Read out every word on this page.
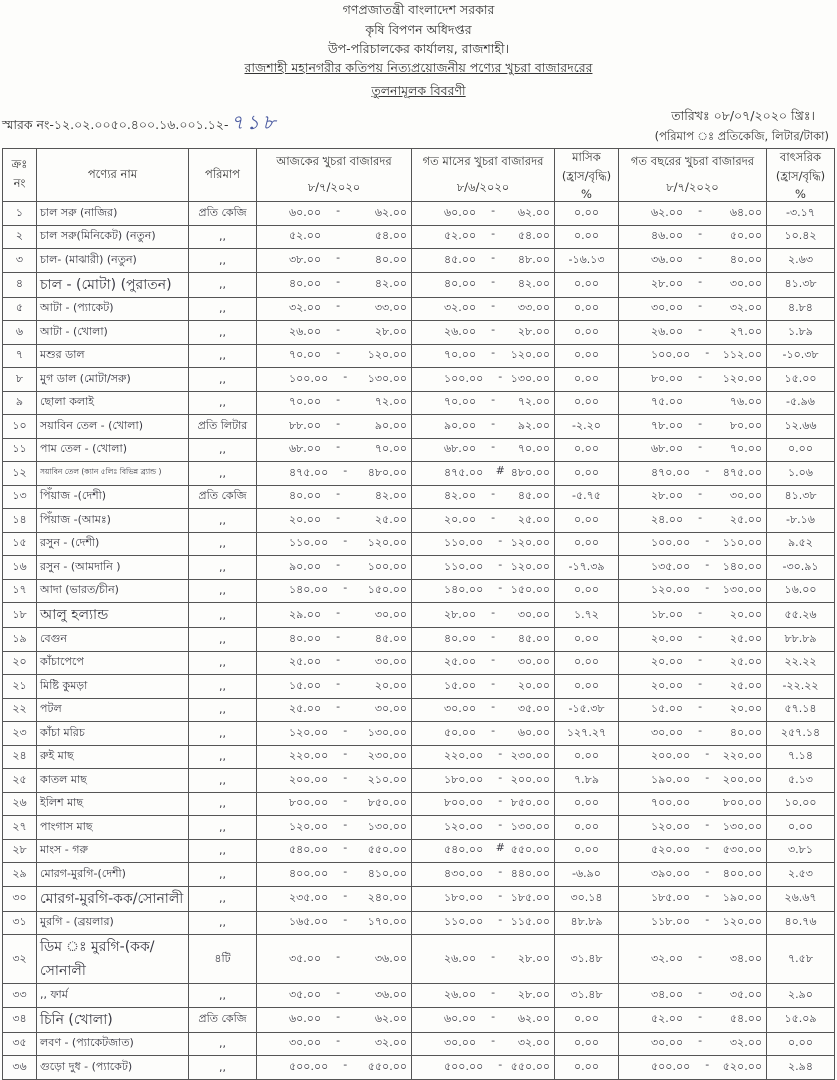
গণপ্রজাতন্ত্রী বাংলাদেশ সরকার
কৃষি বিপণন অধিদপ্তর
উপ-পরিচালকের কার্যালয়, রাজশাহী।
রাজশাহী মহানগরীর কতিপয় নিত্যপ্রয়োজনীয় পণ্যের খুচরা বাজারদরের
তুলনামূলক বিবরণী
স্মারক নং-১২.০২.০০৫০.৪০০.১৬.০০১.১২- ৭১৮	তারিখঃ ০৮/০৭/২০২০ খ্রিঃ।
(পরিমাপ ঃ প্রতিকেজি, লিটার/টাকা)
ক্রঃ নং	পণ্যের নাম	পরিমাপ	আজকের খুচরা বাজারদর	গত মাসের খুচরা বাজারদর	মাসিক (হ্রাস/বৃদ্ধি) %	গত বছরের খুচরা বাজারদর	বাৎসরিক (হ্রাস/বৃদ্ধি) %
			৮/৭/২০২০	৮/৬/২০২০		৮/৭/২০২০	
১	চাল সরু (নাজির)	প্রতি কেজি	৬০.০০ - ৬২.০০	৬০.০০ - ৬২.০০	০.০০	৬২.০০ - ৬৪.০০	-৩.১৭
২	চাল সরু(মিনিকেট) (নতুন)	,,	৫২.০০ ৫৪.০০	৫২.০০ - ৫৪.০০	০.০০	৪৬.০০ - ৫০.০০	১০.৪২
৩	চাল- (মাঝারী) (নতুন)	,,	৩৮.০০ - ৪০.০০	৪৫.০০ - ৪৮.০০	-১৬.১৩	৩৬.০০ - ৪০.০০	২.৬৩
৪	চাল - (মোটা) (পুরাতন)	,,	৪০.০০ - ৪২.০০	৪০.০০ - ৪২.০০	০.০০	২৮.০০ - ৩০.০০	৪১.৩৮
৫	আটা - (প্যাকেট)	,,	৩২.০০ - ৩৩.০০	৩২.০০ - ৩৩.০০	০.০০	৩০.০০ - ৩২.০০	৪.৮৪
৬	আটা - (খোলা)	,,	২৬.০০ - ২৮.০০	২৬.০০ - ২৮.০০	০.০০	২৬.০০ - ২৭.০০	১.৮৯
৭	মশুর ডাল	,,	৭০.০০ - ১২০.০০	৭০.০০ - ১২০.০০	০.০০	১০০.০০ - ১১২.০০	-১০.৩৮
৮	মুগ ডাল (মোটা/সরু)	,,	১০০.০০ - ১৩০.০০	১০০.০০ - ১৩০.০০	০.০০	৮০.০০ - ১২০.০০	১৫.০০
৯	ছোলা কলাই	,,	৭০.০০ - ৭২.০০	৭০.০০ - ৭২.০০	০.০০	৭৫.০০ ৭৬.০০	-৫.৯৬
১০	সয়াবিন তেল - (খোলা)	প্রতি লিটার	৮৮.০০ - ৯০.০০	৯০.০০ - ৯২.০০	-২.২০	৭৮.০০ - ৮০.০০	১২.৬৬
১১	পাম তেল - (খোলা)	,,	৬৮.০০ - ৭০.০০	৬৮.০০ - ৭০.০০	০.০০	৬৮.০০ - ৭০.০০	০.০০
১২	সয়াবিন তেল (ক্যান ৫লিঃ বিভিন্ন ব্র্যান্ড )	,,	৪৭৫.০০ - ৪৮০.০০	৪৭৫.০০ # ৪৮০.০০	০.০০	৪৭০.০০ - ৪৭৫.০০	১.০৬
১৩	পিঁয়াজ -(দেশী)	প্রতি কেজি	৪০.০০ - ৪২.০০	৪২.০০ - ৪৫.০০	-৫.৭৫	২৮.০০ - ৩০.০০	৪১.৩৮
১৪	পিঁয়াজ -(আমঃ)	,,	২০.০০ - ২৫.০০	২০.০০ - ২৫.০০	০.০০	২৪.০০ - ২৫.০০	-৮.১৬
১৫	রসুন - (দেশী)	,,	১১০.০০ - ১২০.০০	১১০.০০ - ১২০.০০	০.০০	১০০.০০ - ১১০.০০	৯.৫২
১৬	রসুন - (আমদানি )	,,	৯০.০০ - ১০০.০০	১১০.০০ - ১২০.০০	-১৭.৩৯	১৩৫.০০ - ১৪০.০০	-৩০.৯১
১৭	আদা (ভারত/চীন)	,,	১৪০.০০ - ১৫০.০০	১৪০.০০ - ১৫০.০০	০.০০	১২০.০০ - ১৩০.০০	১৬.০০
১৮	আলু হল্যান্ড	,,	২৯.০০ - ৩০.০০	২৮.০০ - ৩০.০০	১.৭২	১৮.০০ - ২০.০০	৫৫.২৬
১৯	বেগুন	,,	৪০.০০ - ৪৫.০০	৪০.০০ - ৪৫.০০	০.০০	২০.০০ - ২৫.০০	৮৮.৮৯
২০	কাঁচাপেপে	,,	২৫.০০ - ৩০.০০	২৫.০০ - ৩০.০০	০.০০	২০.০০ - ২৫.০০	২২.২২
২১	মিষ্টি কুমড়া	,,	১৫.০০ - ২০.০০	১৫.০০ - ২০.০০	০.০০	২০.০০ - ২৫.০০	-২২.২২
২২	পটল	,,	২৫.০০ - ৩০.০০	৩০.০০ - ৩৫.০০	-১৫.৩৮	১৫.০০ - ২০.০০	৫৭.১৪
২৩	কাঁচা মরিচ	,,	১২০.০০ - ১৩০.০০	৫০.০০ - ৬০.০০	১২৭.২৭	৩০.০০ - ৪০.০০	২৫৭.১৪
২৪	রুই মাছ	,,	২২০.০০ - ২৩০.০০	২২০.০০ - ২৩০.০০	০.০০	২০০.০০ - ২২০.০০	৭.১৪
২৫	কাতল মাছ	,,	২০০.০০ - ২১০.০০	১৮০.০০ - ২০০.০০	৭.৮৯	১৯০.০০ - ২০০.০০	৫.১৩
২৬	ইলিশ মাছ	,,	৮০০.০০ - ৮৫০.০০	৮০০.০০ - ৮৫০.০০	০.০০	৭০০.০০ ৮০০.০০	১০.০০
২৭	পাংগাস মাছ	,,	১২০.০০ - ১৩০.০০	১২০.০০ - ১৩০.০০	০.০০	১২০.০০ - ১৩০.০০	০.০০
২৮	মাংস - গরু	,,	৫৪০.০০ - ৫৫০.০০	৫৪০.০০ # ৫৫০.০০	০.০০	৫২০.০০ - ৫৩০.০০	৩.৮১
২৯	মোরগ-মুরগি-(দেশী)	,,	৪০০.০০ - ৪১০.০০	৪৩০.০০ - ৪৪০.০০	-৬.৯০	৩৯০.০০ - ৪০০.০০	২.৫৩
৩০	মোরগ-মুরগি-কক/সোনালী	,,	২৩৫.০০ - ২৪০.০০	১৮০.০০ - ১৮৫.০০	৩০.১৪	১৮৫.০০ - ১৯০.০০	২৬.৬৭
৩১	মুরগি - (ব্রয়লার)	,,	১৬৫.০০ - ১৭০.০০	১১০.০০ - ১১৫.০০	৪৮.৮৯	১১৮.০০ - ১২০.০০	৪০.৭৬
৩২	ডিম ঃ মুরগি-(কক/সোনালী	৪টি	৩৫.০০ - ৩৬.০০	২৬.০০ - ২৮.০০	৩১.৪৮	৩২.০০ - ৩৪.০০	৭.৫৮
৩৩	,, ফার্ম	,,	৩৫.০০ - ৩৬.০০	২৬.০০ - ২৮.০০	৩১.৪৮	৩৪.০০ - ৩৫.০০	২.৯০
৩৪	চিনি (খোলা)	প্রতি কেজি	৬০.০০ - ৬২.০০	৬০.০০ - ৬২.০০	০.০০	৫২.০০ - ৫৪.০০	১৫.০৯
৩৫	লবণ - (প্যাকেটজাত)	,,	৩০.০০ - ৩২.০০	৩০.০০ - ৩২.০০	০.০০	৩০.০০ - ৩২.০০	০.০০
৩৬	গুড়ো দুধ - (প্যাকেট)	,,	৫০০.০০ - ৫৫০.০০	৫০০.০০ - ৫৫০.০০	০.০০	৫০০.০০ - ৫২০.০০	২.৯৪
